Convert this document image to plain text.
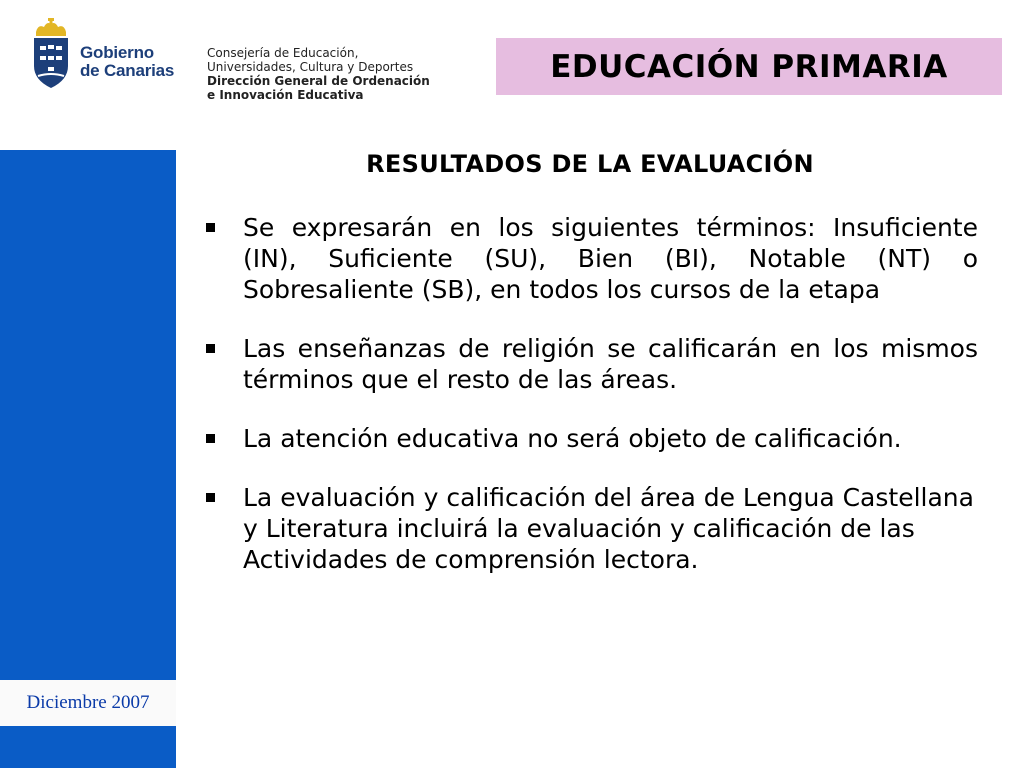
Gobierno
de Canarias
Consejería de Educación,
Universidades, Cultura y Deportes
Dirección General de Ordenación
e Innovación Educativa
EDUCACIÓN PRIMARIA
Diciembre 2007
RESULTADOS DE LA EVALUACIÓN
Se expresarán en los siguientes términos: Insuficiente (IN), Suficiente (SU), Bien (BI), Notable (NT) o Sobresaliente (SB), en todos los cursos de la etapa
Las enseñanzas de religión se calificarán en los mismos términos que el resto de las áreas.
La atención educativa no será objeto de calificación.
La evaluación y calificación del área de Lengua Castellana y Literatura incluirá la evaluación y calificación de las Actividades de comprensión lectora.
